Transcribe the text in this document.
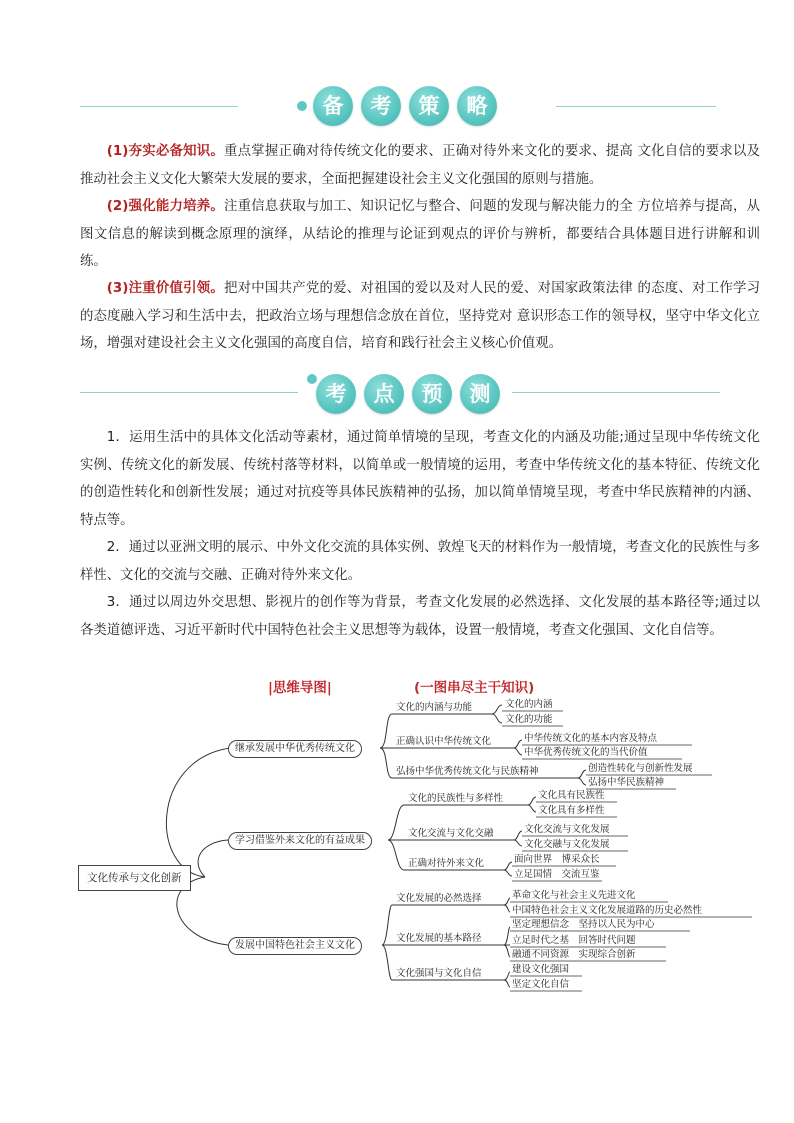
备	考	策	略
(1)夯实必备知识。重点掌握正确对待传统文化的要求、正确对待外来文化的要求、提高 文化自信的要求以及推动社会主义文化大繁荣大发展的要求，全面把握建设社会主义文化强国的原则与措施。
(2)强化能力培养。注重信息获取与加工、知识记忆与整合、问题的发现与解决能力的全 方位培养与提高，从图文信息的解读到概念原理的演绎，从结论的推理与论证到观点的评价与辨析，都要结合具体题目进行讲解和训练。
(3)注重价值引领。把对中国共产党的爱、对祖国的爱以及对人民的爱、对国家政策法律 的态度、对工作学习的态度融入学习和生活中去，把政治立场与理想信念放在首位，坚持党对 意识形态工作的领导权，坚守中华文化立场，增强对建设社会主义文化强国的高度自信，培育和践行社会主义核心价值观。
考	点	预	测
1．运用生活中的具体文化活动等素材，通过简单情境的呈现，考查文化的内涵及功能;通过呈现中华传统文化实例、传统文化的新发展、传统村落等材料，以简单或一般情境的运用，考查中华传统文化的基本特征、传统文化的创造性转化和创新性发展；通过对抗疫等具体民族精神的弘扬，加以简单情境呈现，考查中华民族精神的内涵、特点等。
2．通过以亚洲文明的展示、中外文化交流的具体实例、敦煌飞天的材料作为一般情境，考查文化的民族性与多样性、文化的交流与交融、正确对待外来文化。
3．通过以周边外交思想、影视片的创作等为背景，考查文化发展的必然选择、文化发展的基本路径等;通过以各类道德评选、习近平新时代中国特色社会主义思想等为载体，设置一般情境，考查文化强国、文化自信等。
|思维导图|	(一图串尽主干知识)
文化传承与文化创新
继承发展中华优秀传统文化
学习借鉴外来文化的有益成果
发展中国特色社会主义文化
文化的内涵与功能	文化的内涵
文化的功能
正确认识中华传统文化	中华传统文化的基本内容及特点
中华优秀传统文化的当代价值
弘扬中华优秀传统文化与民族精神	创造性转化与创新性发展
弘扬中华民族精神
文化的民族性与多样性	文化具有民族性
文化具有多样性
文化交流与文化交融	文化交流与文化发展
文化交融与文化发展
正确对待外来文化	面向世界　博采众长
立足国情　交流互鉴
文化发展的必然选择	革命文化与社会主义先进文化
中国特色社会主义文化发展道路的历史必然性
文化发展的基本路径
坚定理想信念　坚持以人民为中心
立足时代之基　回答时代问题
融通不同资源　实现综合创新
文化强国与文化自信	建设文化强国
坚定文化自信
